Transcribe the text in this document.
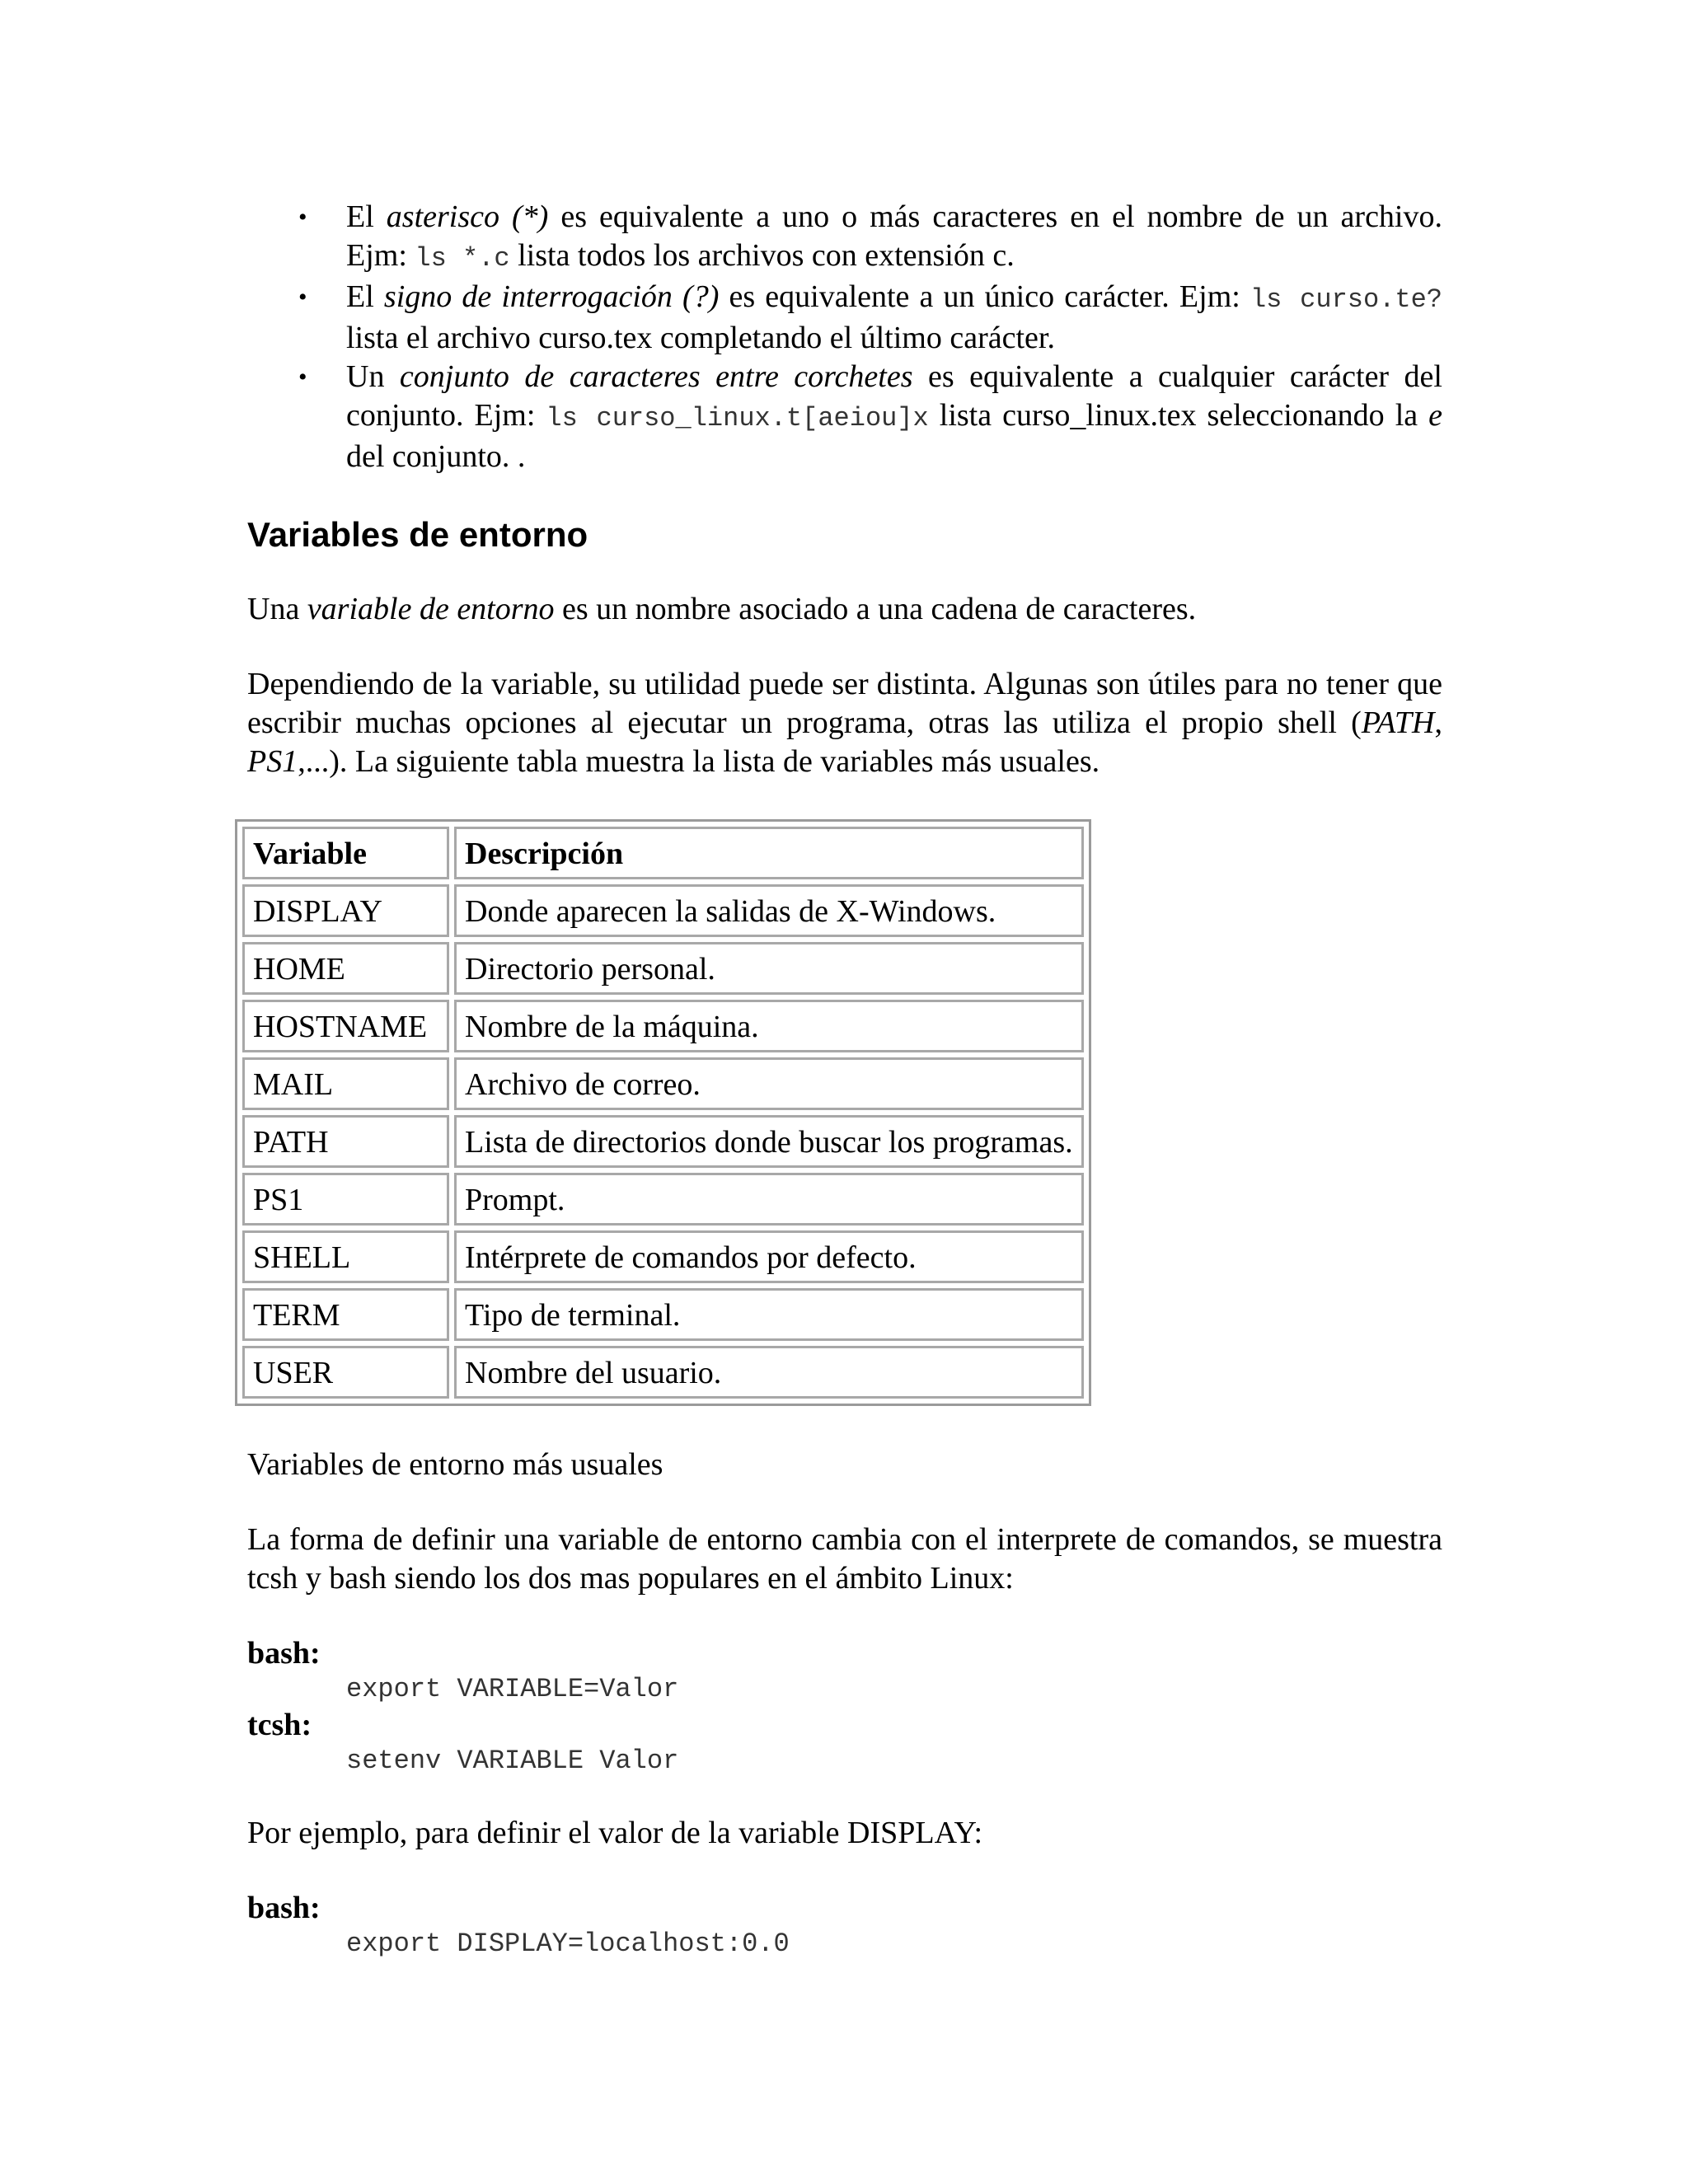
• El asterisco (*) es equivalente a uno o más caracteres en el nombre de un archivo. Ejm: ls *.c lista todos los archivos con extensión c.
• El signo de interrogación (?) es equivalente a un único carácter. Ejm: ls curso.te? lista el archivo curso.tex completando el último carácter.
• Un conjunto de caracteres entre corchetes es equivalente a cualquier carácter del conjunto. Ejm: ls curso_linux.t[aeiou]x lista curso_linux.tex seleccionando la e del conjunto. .
Variables de entorno

Una variable de entorno es un nombre asociado a una cadena de caracteres.

Dependiendo de la variable, su utilidad puede ser distinta. Algunas son útiles para no tener que escribir muchas opciones al ejecutar un programa, otras las utiliza el propio shell (PATH, PS1,...). La siguiente tabla muestra la lista de variables más usuales.

Variable	Descripción
DISPLAY	Donde aparecen la salidas de X-Windows.
HOME	Directorio personal.
HOSTNAME	Nombre de la máquina.
MAIL	Archivo de correo.
PATH	Lista de directorios donde buscar los programas.
PS1	Prompt.
SHELL	Intérprete de comandos por defecto.
TERM	Tipo de terminal.
USER	Nombre del usuario.

Variables de entorno más usuales

La forma de definir una variable de entorno cambia con el interprete de comandos, se muestra tcsh y bash siendo los dos mas populares en el ámbito Linux:

bash:

export VARIABLE=Valor

tcsh:

setenv VARIABLE Valor

Por ejemplo, para definir el valor de la variable DISPLAY:

bash:

export DISPLAY=localhost:0.0
